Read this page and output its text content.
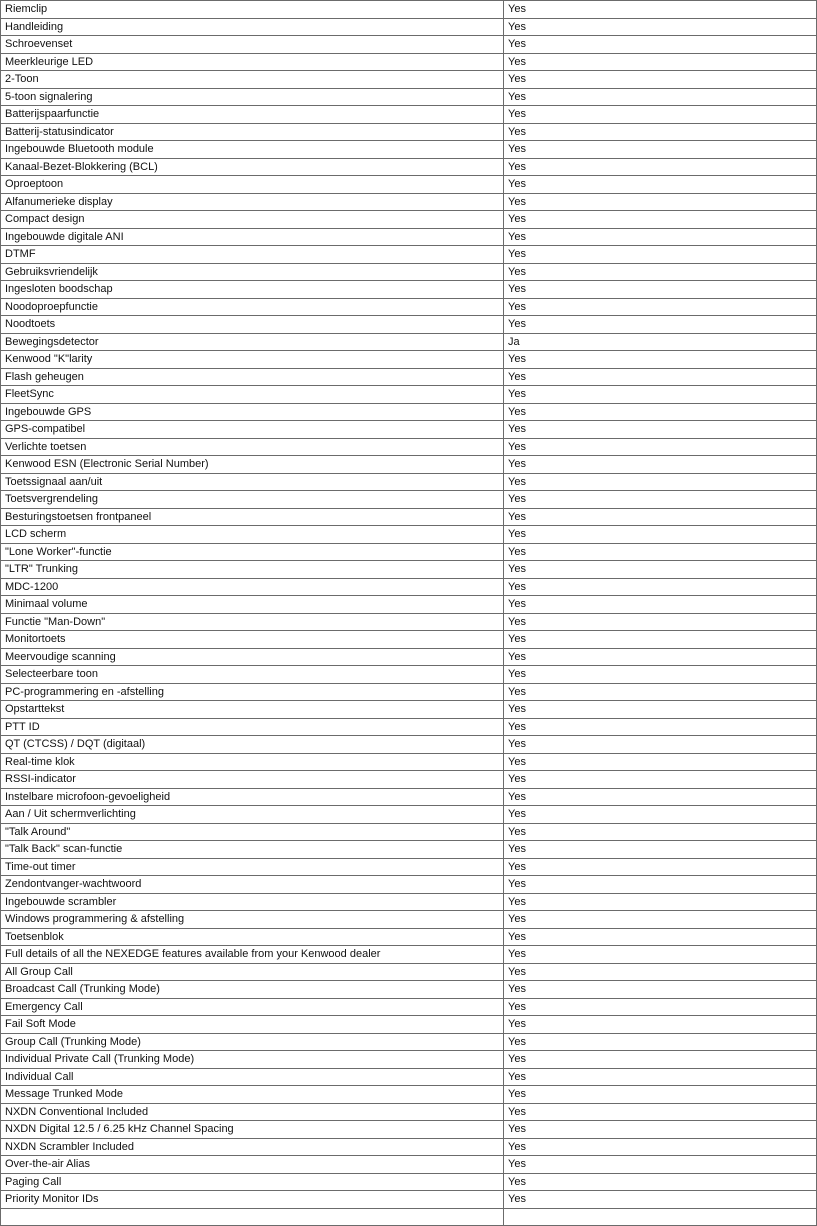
Riemclip	Yes
Handleiding	Yes
Schroevenset	Yes
Meerkleurige LED	Yes
2-Toon	Yes
5-toon signalering	Yes
Batterijspaarfunctie	Yes
Batterij-statusindicator	Yes
Ingebouwde Bluetooth module	Yes
Kanaal-Bezet-Blokkering (BCL)	Yes
Oproeptoon	Yes
Alfanumerieke display	Yes
Compact design	Yes
Ingebouwde digitale ANI	Yes
DTMF	Yes
Gebruiksvriendelijk	Yes
Ingesloten boodschap	Yes
Noodoproepfunctie	Yes
Noodtoets	Yes
Bewegingsdetector	Ja
Kenwood "K"larity	Yes
Flash geheugen	Yes
FleetSync	Yes
Ingebouwde GPS	Yes
GPS-compatibel	Yes
Verlichte toetsen	Yes
Kenwood ESN (Electronic Serial Number)	Yes
Toetssignaal aan/uit	Yes
Toetsvergrendeling	Yes
Besturingstoetsen frontpaneel	Yes
LCD scherm	Yes
"Lone Worker"-functie	Yes
"LTR" Trunking	Yes
MDC-1200	Yes
Minimaal volume	Yes
Functie "Man-Down"	Yes
Monitortoets	Yes
Meervoudige scanning	Yes
Selecteerbare toon	Yes
PC-programmering en -afstelling	Yes
Opstarttekst	Yes
PTT ID	Yes
QT (CTCSS) / DQT (digitaal)	Yes
Real-time klok	Yes
RSSI-indicator	Yes
Instelbare microfoon-gevoeligheid	Yes
Aan / Uit schermverlichting	Yes
"Talk Around"	Yes
"Talk Back" scan-functie	Yes
Time-out timer	Yes
Zendontvanger-wachtwoord	Yes
Ingebouwde scrambler	Yes
Windows programmering & afstelling	Yes
Toetsenblok	Yes
Full details of all the NEXEDGE features available from your Kenwood dealer	Yes
All Group Call	Yes
Broadcast Call (Trunking Mode)	Yes
Emergency Call	Yes
Fail Soft Mode	Yes
Group Call (Trunking Mode)	Yes
Individual Private Call (Trunking Mode)	Yes
Individual Call	Yes
Message Trunked Mode	Yes
NXDN Conventional Included	Yes
NXDN Digital 12.5 / 6.25 kHz Channel Spacing	Yes
NXDN Scrambler Included	Yes
Over-the-air Alias	Yes
Paging Call	Yes
Priority Monitor IDs	Yes
